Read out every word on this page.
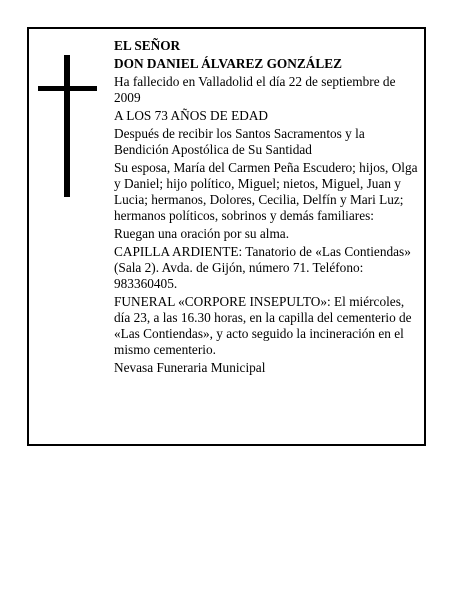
EL SEÑOR

DON DANIEL ÁLVAREZ GONZÁLEZ

Ha fallecido en Valladolid el día 22 de septiembre de 2009

A LOS 73 AÑOS DE EDAD

Después de recibir los Santos Sacramentos y la Bendición Apostólica de Su Santidad

Su esposa, María del Carmen Peña Escudero; hijos, Olga y Daniel; hijo político, Miguel; nietos, Miguel, Juan y Lucia; hermanos, Dolores, Cecilia, Delfín y Mari Luz; hermanos políticos, sobrinos y demás familiares:

Ruegan una oración por su alma.

CAPILLA ARDIENTE: Tanatorio de «Las Contiendas» (Sala 2). Avda. de Gijón, número 71. Teléfono: 983360405.

FUNERAL «CORPORE INSEPULTO»: El miércoles, día 23, a las 16.30 horas, en la capilla del cementerio de «Las Contiendas», y acto seguido la incineración en el mismo cementerio.

Nevasa Funeraria Municipal
